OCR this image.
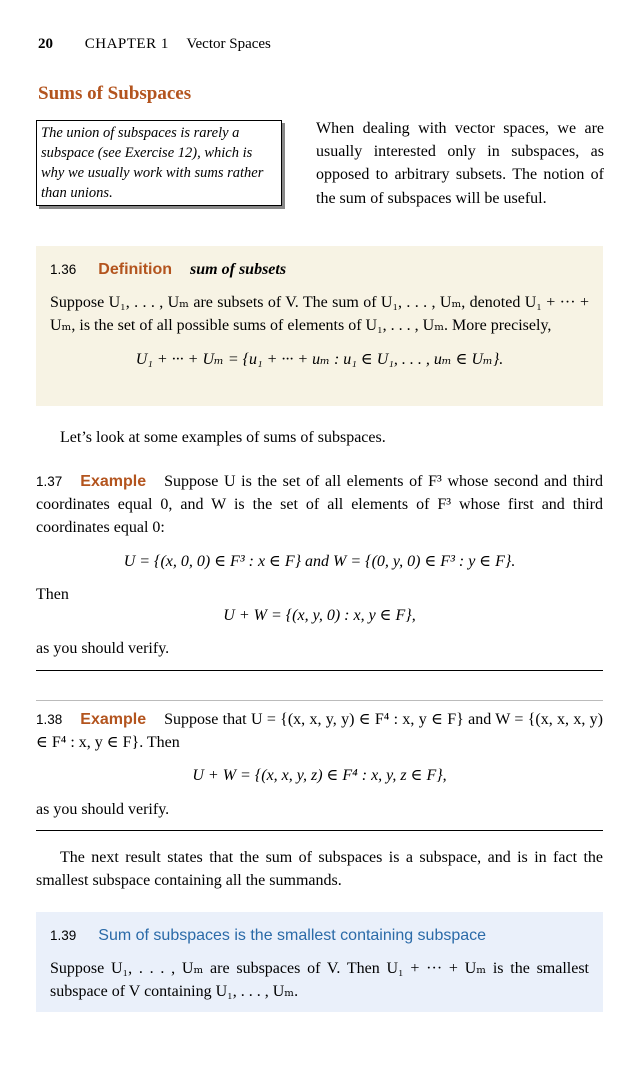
20 CHAPTER 1 Vector Spaces
Sums of Subspaces
The union of subspaces is rarely a subspace (see Exercise 12), which is why we usually work with sums rather than unions.
When dealing with vector spaces, we are usually interested only in subspaces, as opposed to arbitrary subsets. The notion of the sum of subspaces will be useful.
1.36 Definition sum of subsets

Suppose U₁, . . . , Uₘ are subsets of V. The sum of U₁, . . . , Uₘ, denoted U₁ + ··· + Uₘ, is the set of all possible sums of elements of U₁, . . . , Uₘ. More precisely,

U₁ + ··· + Uₘ = {u₁ + ··· + uₘ : u₁ ∈ U₁, . . . , uₘ ∈ Uₘ}.
Let’s look at some examples of sums of subspaces.

1.37 Example Suppose U is the set of all elements of F³ whose second and third coordinates equal 0, and W is the set of all elements of F³ whose first and third coordinates equal 0:

U = {(x, 0, 0) ∈ F³ : x ∈ F} and W = {(0, y, 0) ∈ F³ : y ∈ F}.
Then
U + W = {(x, y, 0) : x, y ∈ F},
as you should verify.

1.38 Example Suppose that U = {(x, x, y, y) ∈ F⁴ : x, y ∈ F} and W = {(x, x, x, y) ∈ F⁴ : x, y ∈ F}. Then

U + W = {(x, x, y, z) ∈ F⁴ : x, y, z ∈ F},
as you should verify.
The next result states that the sum of subspaces is a subspace, and is in fact the smallest subspace containing all the summands.
1.39 Sum of subspaces is the smallest containing subspace

Suppose U₁, . . . , Uₘ are subspaces of V. Then U₁ + ··· + Uₘ is the smallest subspace of V containing U₁, . . . , Uₘ.
